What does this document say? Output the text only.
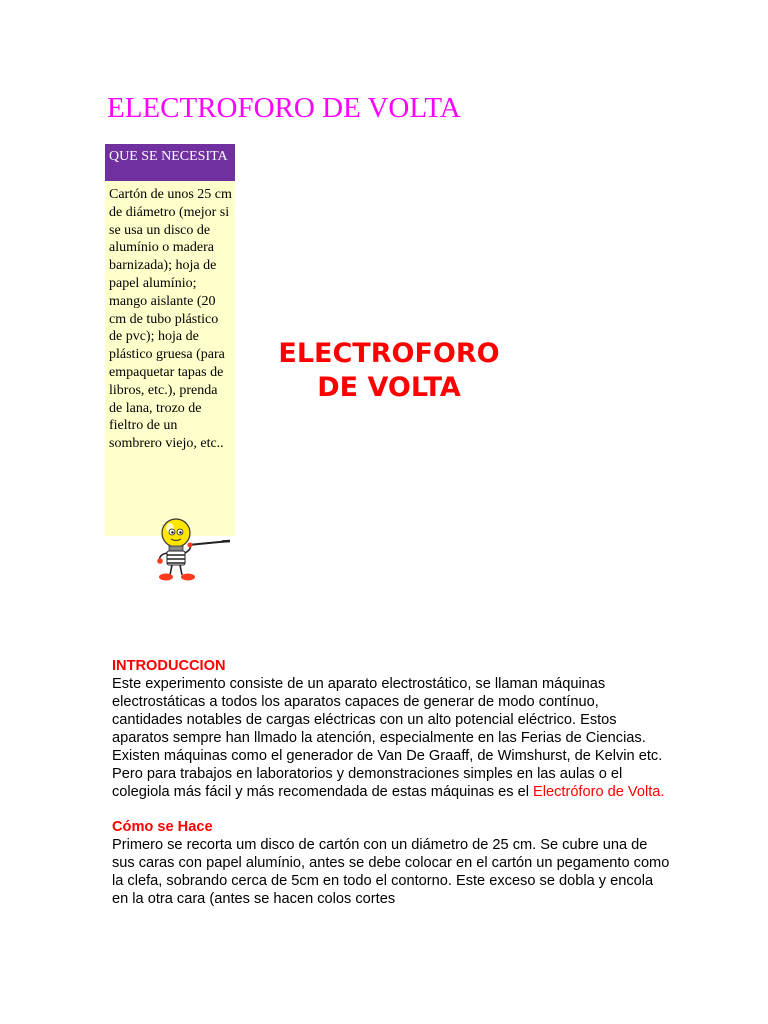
ELECTROFORO DE VOLTA
QUE SE NECESITA
Cartón de unos 25 cm de diámetro (mejor si se usa un disco de alumínio o madera barnizada); hoja de papel alumínio; mango aislante (20 cm de tubo plástico de pvc); hoja de plástico gruesa (para empaquetar tapas de libros, etc.), prenda de lana, trozo de fieltro de un sombrero viejo, etc..
ELECTROFORO
DE VOLTA

INTRODUCCION

Este experimento consiste de un aparato electrostático, se llaman máquinas electrostáticas a todos los aparatos capaces de generar de modo contínuo, cantidades notables de cargas eléctricas con un alto potencial eléctrico. Estos aparatos sempre han llmado la atención, especialmente en las Ferias de Ciencias. Existen máquinas como el generador de Van De Graaff, de Wimshurst, de Kelvin etc. Pero para trabajos en laboratorios y demonstraciones simples en las aulas o el colegiola más fácil y más recomendada de estas máquinas es el Electróforo de Volta.

Cómo se Hace

Primero se recorta um disco de cartón con un diámetro de 25 cm. Se cubre una de sus caras con papel alumínio, antes se debe colocar en el cartón un pegamento como la clefa, sobrando cerca de 5cm en todo el contorno. Este exceso se dobla y encola en la otra cara (antes se hacen colos cortes
